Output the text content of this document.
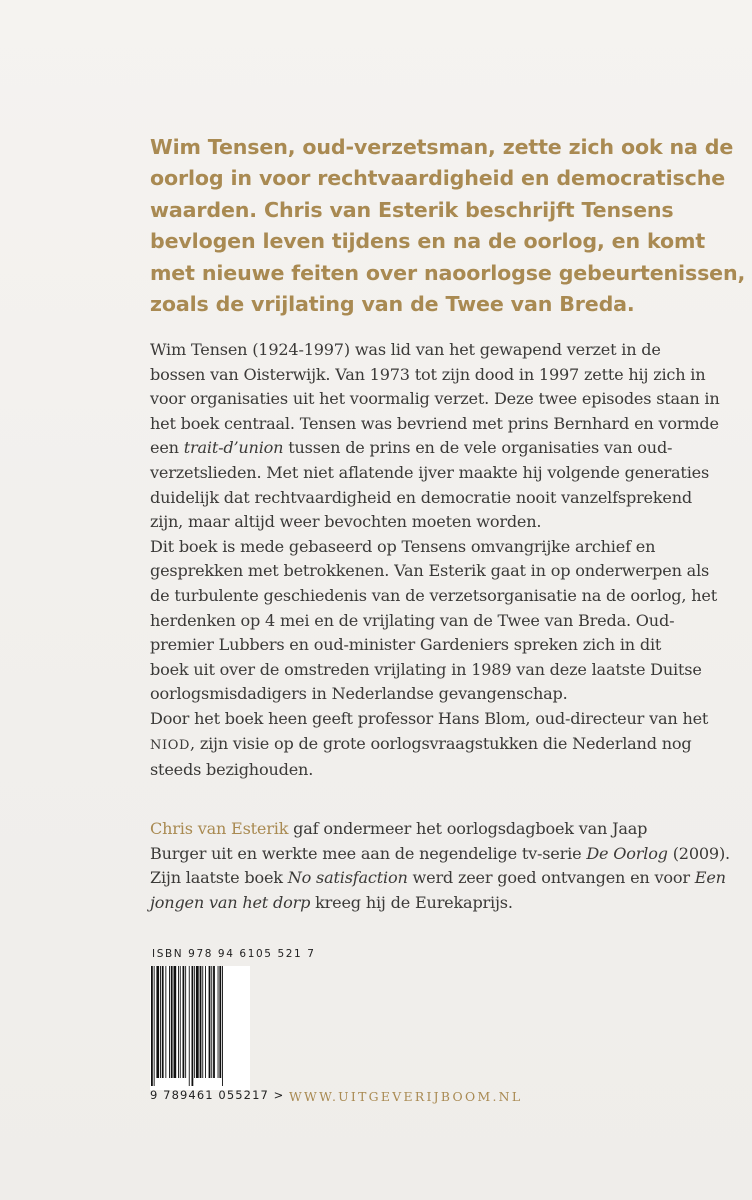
Wim Tensen, oud-verzetsman, zette zich ook na de
oorlog in voor rechtvaardigheid en democratische
waarden. Chris van Esterik beschrijft Tensens
bevlogen leven tijdens en na de oorlog, en komt
met nieuwe feiten over naoorlogse gebeurtenissen,
zoals de vrijlating van de Twee van Breda.

Wim Tensen (1924-1997) was lid van het gewapend verzet in de
bossen van Oisterwijk. Van 1973 tot zijn dood in 1997 zette hij zich in
voor organisaties uit het voormalig verzet. Deze twee episodes staan in
het boek centraal. Tensen was bevriend met prins Bernhard en vormde
een trait-d’union tussen de prins en de vele organisaties van oud-
verzetslieden. Met niet aflatende ijver maakte hij volgende generaties
duidelijk dat rechtvaardigheid en democratie nooit vanzelfsprekend
zijn, maar altijd weer bevochten moeten worden.
Dit boek is mede gebaseerd op Tensens omvangrijke archief en
gesprekken met betrokkenen. Van Esterik gaat in op onderwerpen als
de turbulente geschiedenis van de verzetsorganisatie na de oorlog, het
herdenken op 4 mei en de vrijlating van de Twee van Breda. Oud-
premier Lubbers en oud-minister Gardeniers spreken zich in dit
boek uit over de omstreden vrijlating in 1989 van deze laatste Duitse
oorlogsmisdadigers in Nederlandse gevangenschap.
Door het boek heen geeft professor Hans Blom, oud-directeur van het
NIOD, zijn visie op de grote oorlogsvraagstukken die Nederland nog
steeds bezighouden.

Chris van Esterik gaf ondermeer het oorlogsdagboek van Jaap
Burger uit en werkte mee aan de negendelige tv-serie De Oorlog (2009).
Zijn laatste boek No satisfaction werd zeer goed ontvangen en voor Een
jongen van het dorp kreeg hij de Eurekaprijs.
ISBN 978 94 6105 521 7
9 789461 055217 > WWW.UITGEVERIJBOOM.NL
